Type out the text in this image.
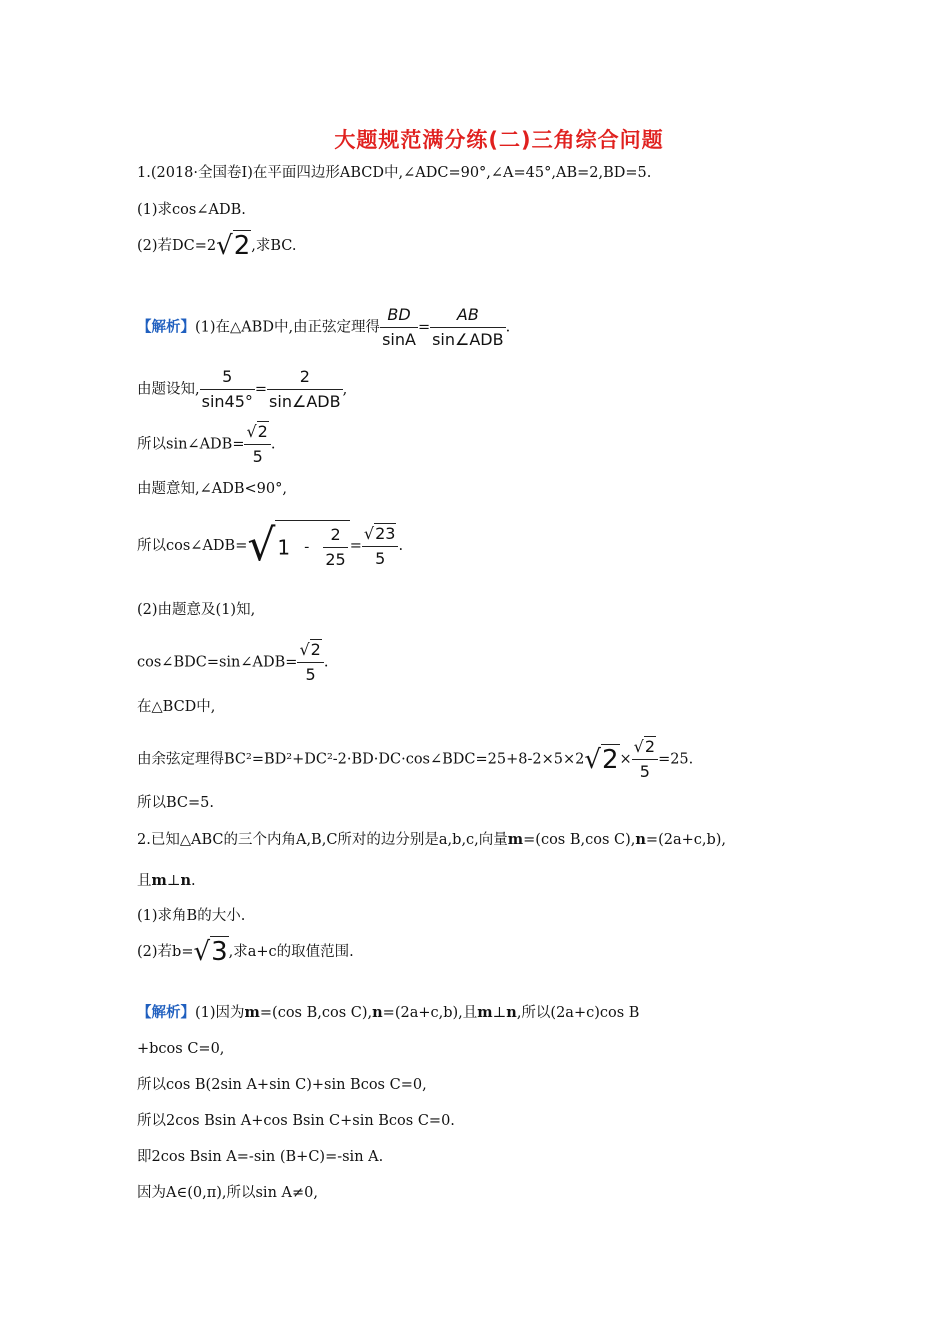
大题规范满分练(二)三角综合问题
1.(2018·全国卷Ⅰ)在平面四边形ABCD中,∠ADC=90°,∠A=45°,AB=2,BD=5.
(1)求cos∠ADB.
(2)若DC=2√2,求BC.
【解析】(1)在△ABD中,由正弦定理得 $\frac{BD}{\sin A} = \frac{AB}{\text{sin∠ADB}}$ .
由题设知, $\frac{5}{\sin 45^\circ} = \frac{2}{\text{sin∠ADB}}$ ,
所以sin∠ADB= $\frac{√2}{5}$ .
由题意知,∠ADB<90°,
所以cos∠ADB=√ $1 - \frac{2}{25} = \frac{√23}{5}$ .
(2)由题意及(1)知,
cos∠BDC=sin∠ADB= $\frac{√2}{5}$ .
在△BCD中,
由余弦定理得BC²=BD²+DC²-2·BD·DC·cos∠BDC=25+8-2×5×2√2× $\frac{√2}{5} =25$.
所以BC=5.
2.已知△ABC的三个内角A,B,C所对的边分别是a,b,c,向量m=(cos B,cos C),n=(2a+c,b),
且m⊥n.
(1)求角B的大小.
(2)若b=√3,求a+c的取值范围.
【解析】(1)因为m=(cos B,cos C),n=(2a+c,b),且m⊥n,所以(2a+c)cos B
+bcos C=0,
所以cos B(2sin A+sin C)+sin Bcos C=0,
所以2cos Bsin A+cos Bsin C+sin Bcos C=0.
即2cos Bsin A=-sin (B+C)=-sin A.
因为A∈(0,π),所以sin A≠0,
